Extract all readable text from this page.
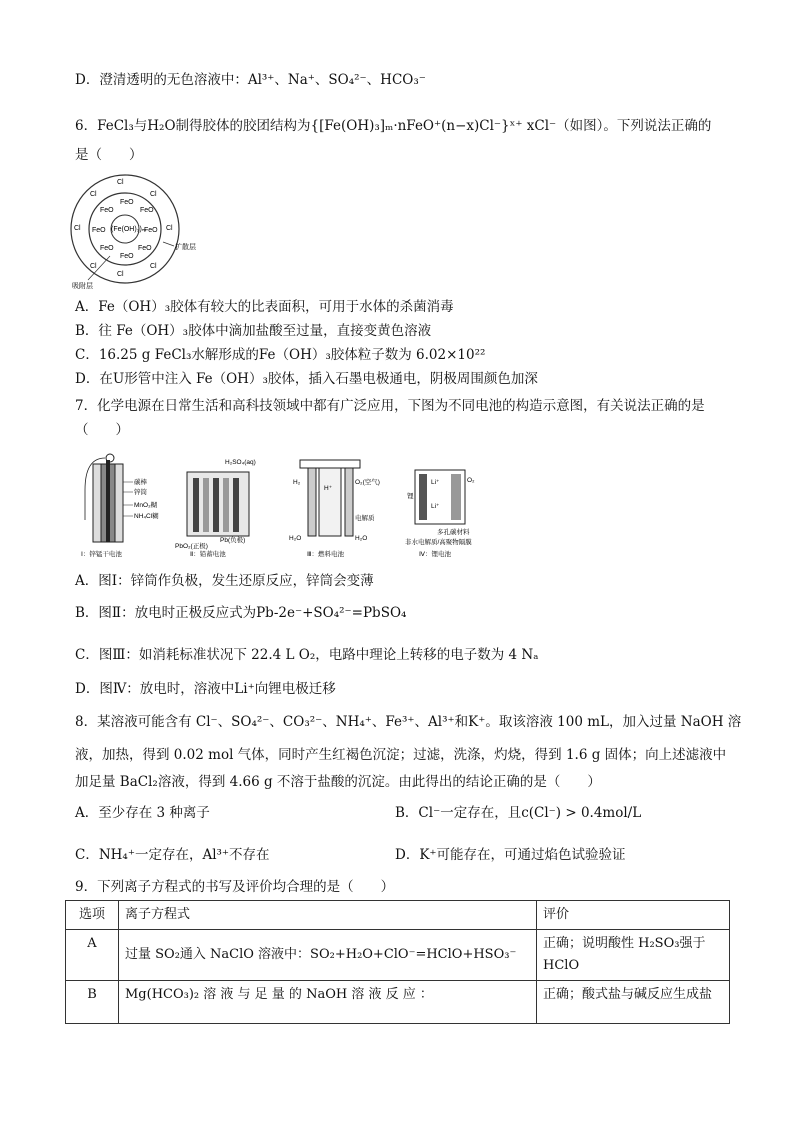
D．澄清透明的无色溶液中：Al³⁺、Na⁺、SO₄²⁻、HCO₃⁻
6．FeCl₃与H₂O制得胶体的胶团结构为{[Fe(OH)₃]ₘ·nFeO⁺(n−x)Cl⁻}ˣ⁺ xCl⁻（如图）。下列说法正确的
是（　　）
(Fe(OH)₃)ₘ
Cl
Cl	Cl
Cl	Cl
Cl	Cl
Cl
FeO
FeO	FeO
FeO	FeO
FeO	FeO
FeO
扩散层
吸附层
A．Fe（OH）₃胶体有较大的比表面积，可用于水体的杀菌消毒
B．往 Fe（OH）₃胶体中滴加盐酸至过量，直接变黄色溶液
C．16.25 g FeCl₃水解形成的Fe（OH）₃胶体粒子数为 6.02×10²²
D．在U形管中注入 Fe（OH）₃胶体，插入石墨电极通电，阴极周围颜色加深
7．化学电源在日常生活和高科技领域中都有广泛应用，下图为不同电池的构造示意图，有关说法正确的是
（　　）
碳棒
锌筒
MnO₂糊
NH₄Cl糊
Ⅰ：锌锰干电池
H₂SO₄(aq)
PbO₂(正极)
Pb(负极)
Ⅱ：铅蓄电池
H₂
H⁺
O₂(空气)
电解质
H₂O	H₂O
Ⅲ：燃料电池
锂
Li⁺
Li⁺
O₂
多孔碳材料
非水电解质/高聚物隔膜
Ⅳ：锂电池
A．图Ⅰ：锌筒作负极，发生还原反应，锌筒会变薄
B．图Ⅱ：放电时正极反应式为Pb-2e⁻+SO₄²⁻=PbSO₄
C．图Ⅲ：如消耗标准状况下 22.4 L O₂，电路中理论上转移的电子数为 4 Nₐ
D．图Ⅳ：放电时，溶液中Li⁺向锂电极迁移
8．某溶液可能含有 Cl⁻、SO₄²⁻、CO₃²⁻、NH₄⁺、Fe³⁺、Al³⁺和K⁺。取该溶液 100 mL，加入过量 NaOH 溶
液，加热，得到 0.02 mol 气体，同时产生红褐色沉淀；过滤，洗涤，灼烧，得到 1.6 g 固体；向上述滤液中
加足量 BaCl₂溶液，得到 4.66 g 不溶于盐酸的沉淀。由此得出的结论正确的是（　　）
A．至少存在 3 种离子	B．Cl⁻一定存在，且c(Cl⁻) > 0.4mol/L
C．NH₄⁺一定存在，Al³⁺不存在	D．K⁺可能存在，可通过焰色试验验证
9．下列离子方程式的书写及评价均合理的是（　　）
选项	离子方程式	评价
A	过量 SO₂通入 NaClO 溶液中：SO₂+H₂O+ClO⁻=HClO+HSO₃⁻	正确；说明酸性 H₂SO₃强于HClO
B	Mg(HCO₃)₂ 溶 液 与 足 量 的 NaOH 溶 液 反 应 ：	正确；酸式盐与碱反应生成盐
